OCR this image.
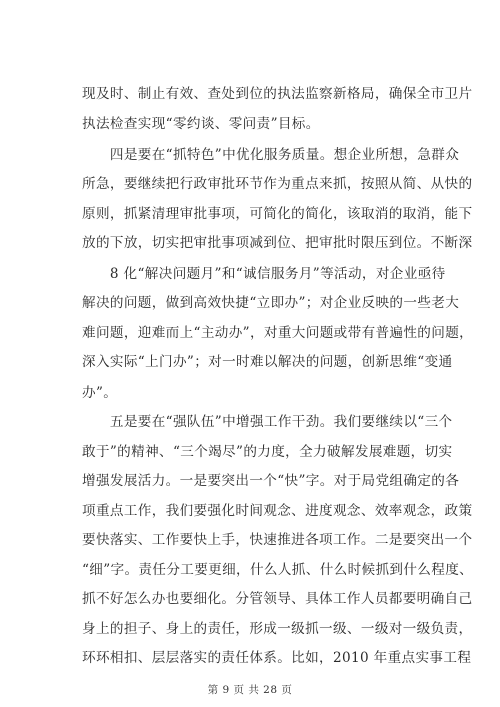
现及时、制止有效、查处到位的执法监察新格局，确保全市卫片
执法检查实现“零约谈、零问责”目标。
　　四是要在“抓特色”中优化服务质量。想企业所想，急群众
所急，要继续把行政审批环节作为重点来抓，按照从简、从快的
原则，抓紧清理审批事项，可简化的简化，该取消的取消，能下
放的下放，切实把审批事项减到位、把审批时限压到位。不断深
　　8 化“解决问题月”和“诚信服务月”等活动，对企业亟待
解决的问题，做到高效快捷“立即办”；对企业反映的一些老大
难问题，迎难而上“主动办”，对重大问题或带有普遍性的问题，
深入实际“上门办”；对一时难以解决的问题，创新思维“变通
办”。
　　五是要在“强队伍”中增强工作干劲。我们要继续以“三个
敢于”的精神、“三个竭尽”的力度，全力破解发展难题，切实
增强发展活力。一是要突出一个“快”字。对于局党组确定的各
项重点工作，我们要强化时间观念、进度观念、效率观念，政策
要快落实、工作要快上手，快速推进各项工作。二是要突出一个
“细”字。责任分工要更细，什么人抓、什么时候抓到什么程度、
抓不好怎么办也要细化。分管领导、具体工作人员都要明确自己
身上的担子、身上的责任，形成一级抓一级、一级对一级负责，
环环相扣、层层落实的责任体系。比如，2010 年重点实事工程
第 9 页 共 28 页
